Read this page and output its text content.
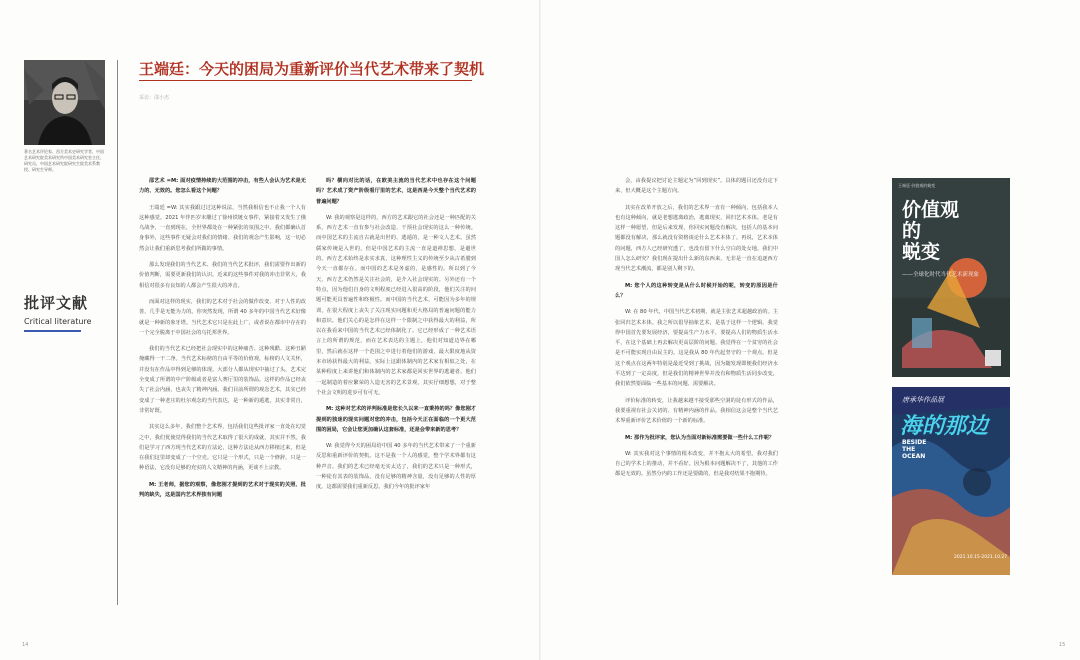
著名艺术评论家、西方美术史研究学者，中国艺术研究院美术研究所中国美术研究室主任、研究员，中国艺术研究院研究生院美术系教授、研究生导师。
批评文献
Critical literature
王端廷：今天的困局为重新评价当代艺术带来了契机
采访：邵小杰

邵艺术 =M: 面对疫情持续的大范围的冲击，有些人会认为艺术是无力的、无效的。您怎么看这个问题？

王端廷 =W: 其实我跟过过这种说法，当然我相信也不止我一个人有这种感觉。2021 年伴匹岁末雕过了徐州铁链女事件，紧接着又发生了俄乌战争，一直到现在，全世界都处在一种紧张的氛围之中。我们都确认首身事外，这些事件无疑会对我们的情绪、我们的观念产生影响，这一切必然会让我们重新思考我们所做的事情。

那么发现我们的当代艺术、我们的当代艺术批评，我们需要作出新的价值判断，需要更新我们的认识。近来的这些事件对我的冲击非常大，我相信对很多有良知的人都会产生很大的冲击。

而面对这样的现实，我们的艺术对于社会的做作改变、对于人性的改善，几乎是无能为力的。你突然发现，所谓 40 多年的中国当代艺术好像就是一种新的象牙塔。当代艺术它只是在此上广，或者说在都市中存在的一个完全脱离于中国社会的乌托邦世界。

我们的当代艺术已经把社会现实中的这种痛苦、这种残酷、这种丑陋掩藏得一干二净。当代艺术标榜的自由平等的价值观，标榜的人文关怀，并没有在作品中得到足够的体现。大部分人都从现实中抽过了头，艺术完全变成了所谓的中产阶级或者是富人赛厅里的装饰品。这样的作品已经丧失了社会内涵，也丧失了精神内涵。我们目前所谓的观念艺术，其实已经变成了一种老庄的杜尔观念的当代表达，是一种新的遁逃，其实非常自，非常好既。

其实这么多年，我们整个艺术界，包括我们这些批评家一直处在幻觉之中，我们优使觉得我们的当代艺术取得了很大的成就，其实并不然。我们是学习了西方现当代艺术的方法论，这种方法论从西方移植过来，但是在我们这里却变成了一个空壳。它只是一个形式，只是一个修辞，只是一种语法，它没有足够的充实的人文精神的内涵，更谈不上宗教。

M: 王老师，据您的观察，像您刚才提到的艺术对于现实的关照、批判的缺失，这是国内艺术界独有问题

吗？横向对比的话，在欧美主流的当代艺术中也存在这个问题吗？艺术成了资产阶级看厅里的艺术，这是西是今天整个当代艺术的普遍问题？

W: 我的观察是这样的，西方的艺术跟它的社会还是一种匹配的关系，西方艺术一直有参与社会改造、干预社会现实的这么一种传统。而中国艺术的主流自古就是出世的、逃遁的，是一种文人艺术。虽然儒家传统是入世的，但是中国艺术的主流一直是道禅思想，是避世的。西方艺术始终是求实求真，这种理性主义的传统至少从古希腊到今天一直都存在。而中国的艺术是务虚的，是感性的。所以到了今天，西方艺术仍然是关注社会的，是介入社会现实的。另外还有一个特点，因为他们自身的文明程度已经进入很高的阶段，他们关注的问题可能更具普遍性和终极性。而中国的当代艺术，可能因为多年的规训，在很大程度上丧失了关注现实问题和更大格局的普遍问题的能力和意识。他们关心的是怎样在这样一个限制之中获得最大的利益，所以在我看来中国的当代艺术已经体制化了。它已经形成了一种艺术语言上的所谓的规范，而在艺术表达的主题上，他们对知道边界在哪里，然后就在这样一个范围之中进行着他们的游戏，最大限度地从资本市场获得最大的利益。实际上这跟体制内的艺术家有相似之处，在某种程度上来讲他们和体制内的艺术家都是回实世界的逃避者。他们一起制造的着应繁荣的人造无害的艺术景观，其实仔细想想，对于整个社会文明的进步可有可无。

M: 这种对艺术的评判标准是您长久以来一直秉持的吗？像您刚才提到的独迷的现实问题对您的冲击，包括今天正在面临的一个更大范围的困局，它会让您更加确认这套标准，还是会带来新的思考？

W: 我觉得今天的困局给中国 40 多年的当代艺术带来了一个重新反思和重新评价的契机。这不是我一个人的感觉，整个学术界都有这种声音。我们的艺术已经毫无实太达了，我们的艺术只是一种形式，一种徒有其表的装饰品，没有足够的精神含量，没有足够的人性的厚度。这都需要我们重新反思。我们今年的批评家年

14

会，由我提议把讨论主题定为“回到现实”。具体的题目还没有定下来，但大概是这个主题方向。

其实在改革开放之后，我们的艺术界一直有一种倾向，包括我本人也有这种倾向，就是老想逃离政治，逃离现实，回归艺术本体。老是有这样一种愿望，但是后来发现，你回实问题没有解决，包括人的基本问题都没有解决，那么就没有资格谈论什么艺术本体了。再说，艺术本体的问题，西方人已经研究透了，也没有留下什么空白的处女地。我们中国人怎么研究？我们现在提出什么新的东西来，无非是一直在追逐西方现当代艺术潮流，都是别人剩下的。

M: 您个人的这种转变是从什么时候开始的呢，转变的原因是什么？

W: 在 80 年代，中国当代艺术初期，就是主张艺术超越政治的。主张回归艺术本体。我之所以倡导抽象艺术，是基于这样一个逻辑，我觉得中国首先要发展经济，要提高生产力水平，要提高人们的物质生活水平，在这个基础上再去解决更高层阶的问题。我觉得在一个贫穷的社会是不可能实现自由民主的。这是我从 80 年代起坚守的一个观点。但是这个观点在这两年特别是最近受到了挑战，因为随发现即便我们经济水平达到了一定高度，但是我们的精神世界并没有和物质生活同步改变，我们依然要面临一些基本的问题、需要解决。

评价标准的转变，让我越来越不接受那些空洞的徒有形式的作品，我要重视有社会关切的、有精神内涵的作品。我相信这会是整个当代艺术界重新评价艺术价值的一个新的标准。

M: 那作为批评家，您认为当面对新标准需要做一些什么工作呢？

W: 其实我对这个事情的根本改变，并不抱太大的希望。我对我们自己的学术上的推动，并不看好。因为根本问题解决不了，其他的工作都是无效的。虽然分内的工作还是要做的，但是我对结果不抱期待。

王端廷·价值观的蜕变
价值观
的
蜕变
——全球化时代当代艺术新现象
唐承华作品展
海的那边
BESIDE
THE
OCEAN
2021.10.15-2021.10.27
15
